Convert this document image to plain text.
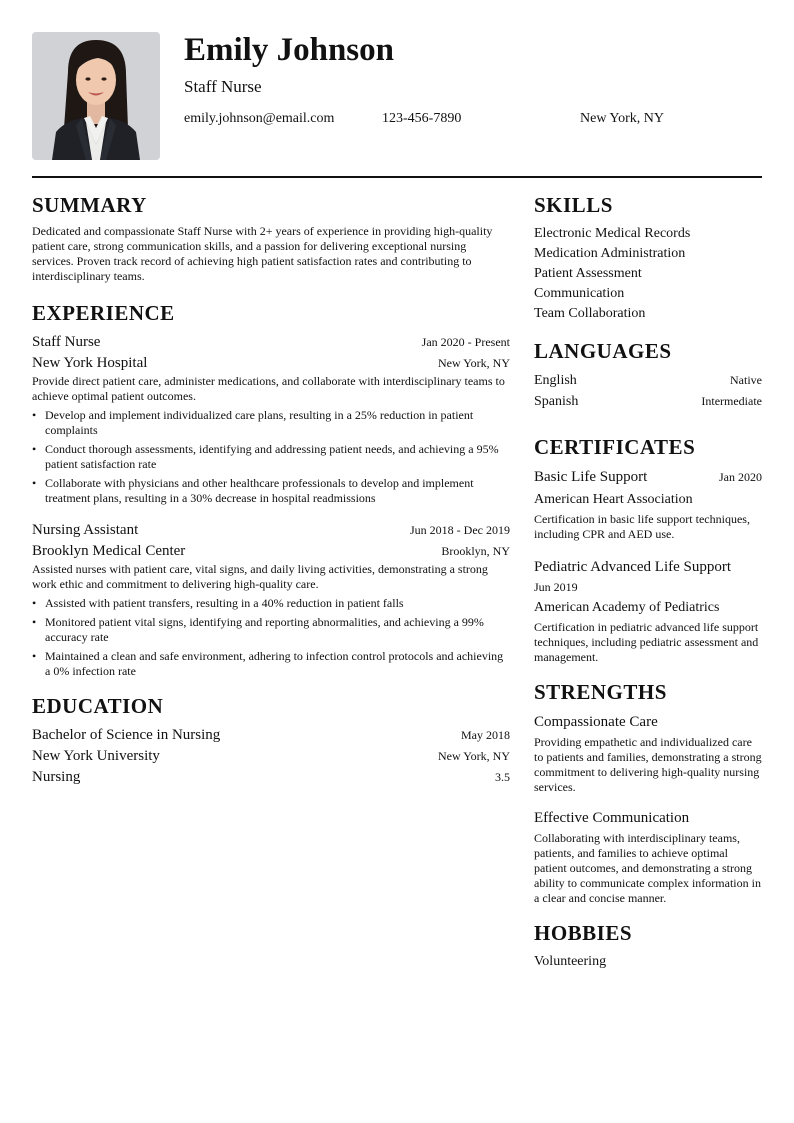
Emily Johnson
Staff Nurse
emily.johnson@email.com	123-456-7890	New York, NY
SUMMARY
Dedicated and compassionate Staff Nurse with 2+ years of experience in providing high-quality patient care, strong communication skills, and a passion for delivering exceptional nursing services. Proven track record of achieving high patient satisfaction rates and contributing to interdisciplinary teams.
EXPERIENCE
Staff Nurse	Jan 2020 - Present
New York Hospital	New York, NY
Provide direct patient care, administer medications, and collaborate with interdisciplinary teams to achieve optimal patient outcomes.
• Develop and implement individualized care plans, resulting in a 25% reduction in patient complaints
• Conduct thorough assessments, identifying and addressing patient needs, and achieving a 95% patient satisfaction rate
• Collaborate with physicians and other healthcare professionals to develop and implement treatment plans, resulting in a 30% decrease in hospital readmissions
Nursing Assistant	Jun 2018 - Dec 2019
Brooklyn Medical Center	Brooklyn, NY
Assisted nurses with patient care, vital signs, and daily living activities, demonstrating a strong work ethic and commitment to delivering high-quality care.
• Assisted with patient transfers, resulting in a 40% reduction in patient falls
• Monitored patient vital signs, identifying and reporting abnormalities, and achieving a 99% accuracy rate
• Maintained a clean and safe environment, adhering to infection control protocols and achieving a 0% infection rate
EDUCATION
Bachelor of Science in Nursing	May 2018
New York University	New York, NY
Nursing	3.5
SKILLS
Electronic Medical Records
Medication Administration
Patient Assessment
Communication
Team Collaboration
LANGUAGES
English	Native
Spanish	Intermediate
CERTIFICATES
Basic Life Support	Jan 2020
American Heart Association
Certification in basic life support techniques, including CPR and AED use.
Pediatric Advanced Life Support
Jun 2019
American Academy of Pediatrics
Certification in pediatric advanced life support techniques, including pediatric assessment and management.
STRENGTHS
Compassionate Care
Providing empathetic and individualized care to patients and families, demonstrating a strong commitment to delivering high-quality nursing services.
Effective Communication
Collaborating with interdisciplinary teams, patients, and families to achieve optimal patient outcomes, and demonstrating a strong ability to communicate complex information in a clear and concise manner.
HOBBIES
Volunteering
